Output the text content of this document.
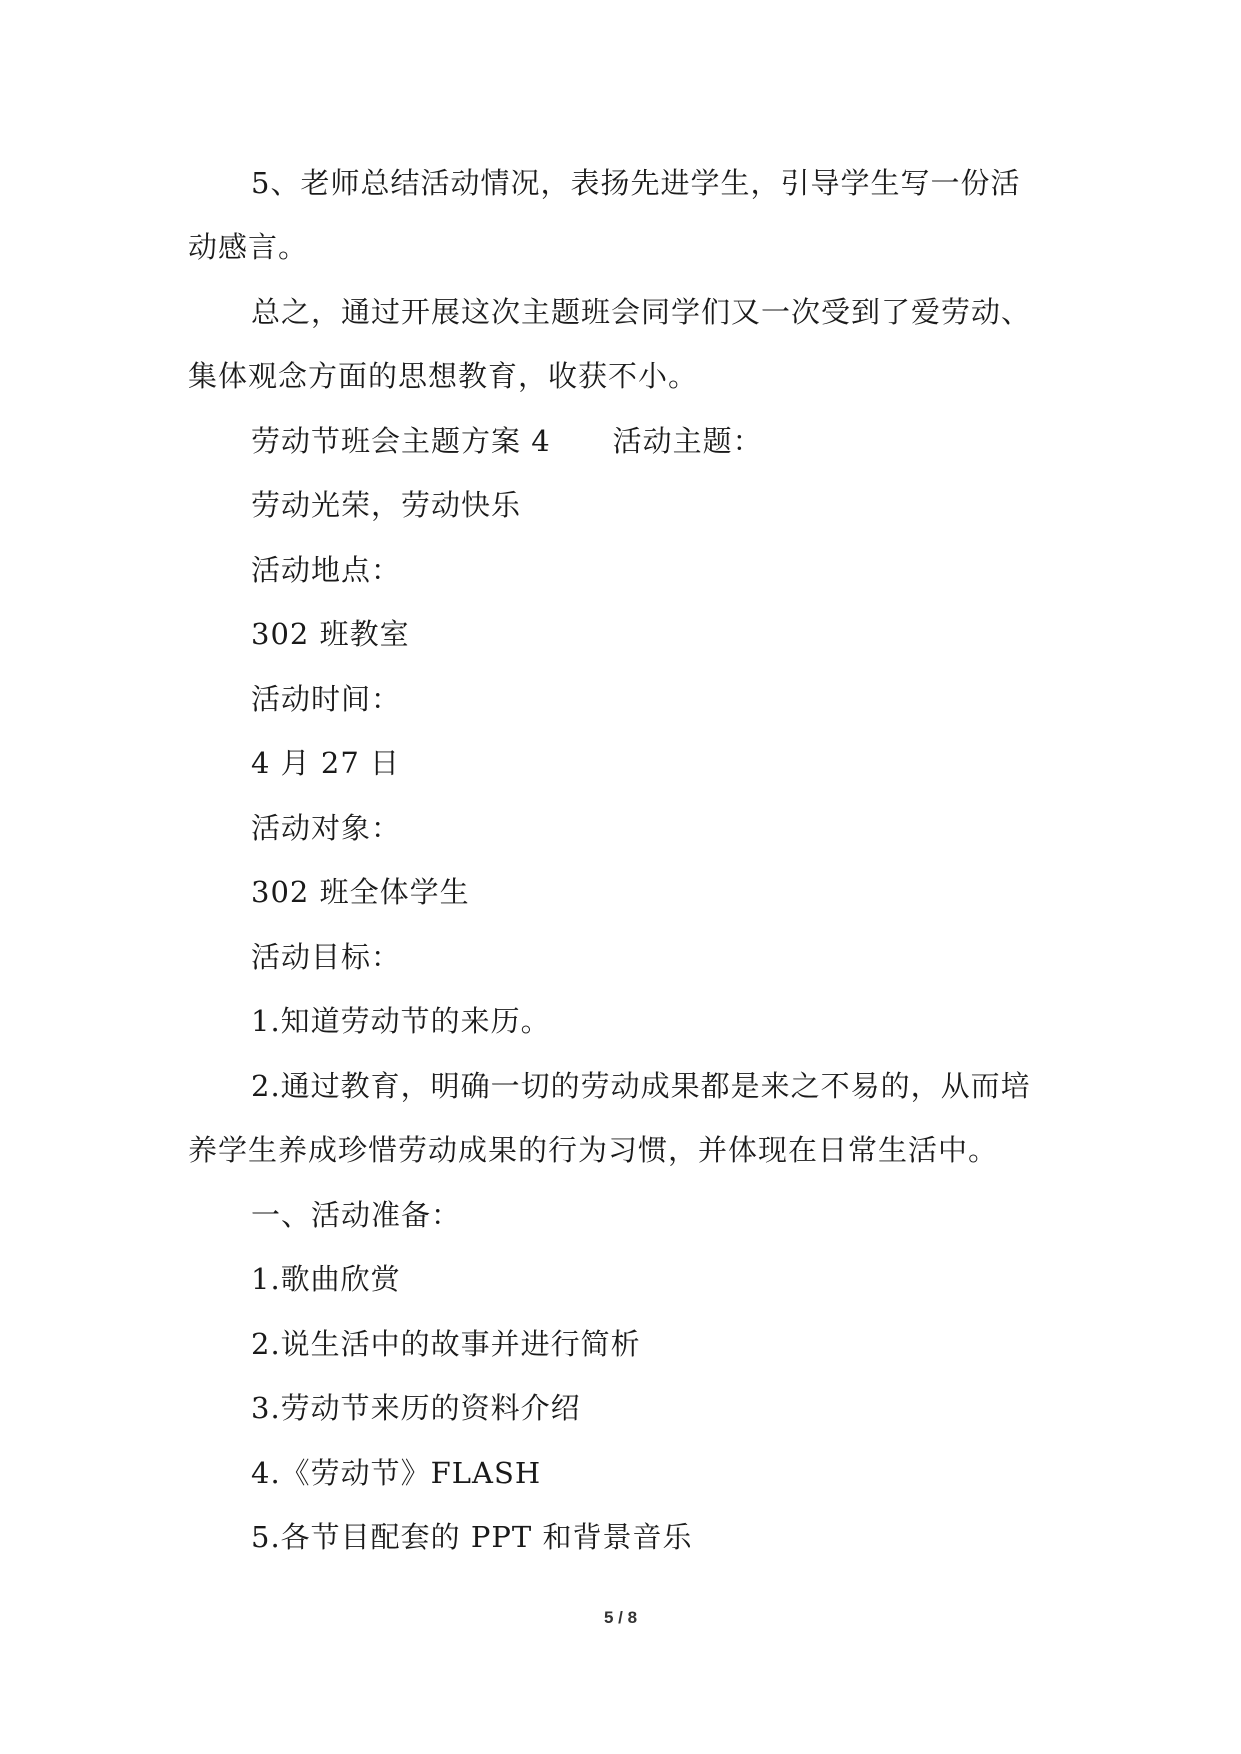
5、老师总结活动情况，表扬先进学生，引导学生写一份活
动感言。
总之，通过开展这次主题班会同学们又一次受到了爱劳动、
集体观念方面的思想教育，收获不小。
劳动节班会主题方案 4 活动主题：
劳动光荣，劳动快乐
活动地点：
302 班教室
活动时间：
4 月 27 日
活动对象：
302 班全体学生
活动目标：
1.知道劳动节的来历。
2.通过教育，明确一切的劳动成果都是来之不易的，从而培
养学生养成珍惜劳动成果的行为习惯，并体现在日常生活中。
一、活动准备：
1.歌曲欣赏
2.说生活中的故事并进行简析
3.劳动节来历的资料介绍
4.《劳动节》FLASH
5.各节目配套的 PPT 和背景音乐
5 / 8
